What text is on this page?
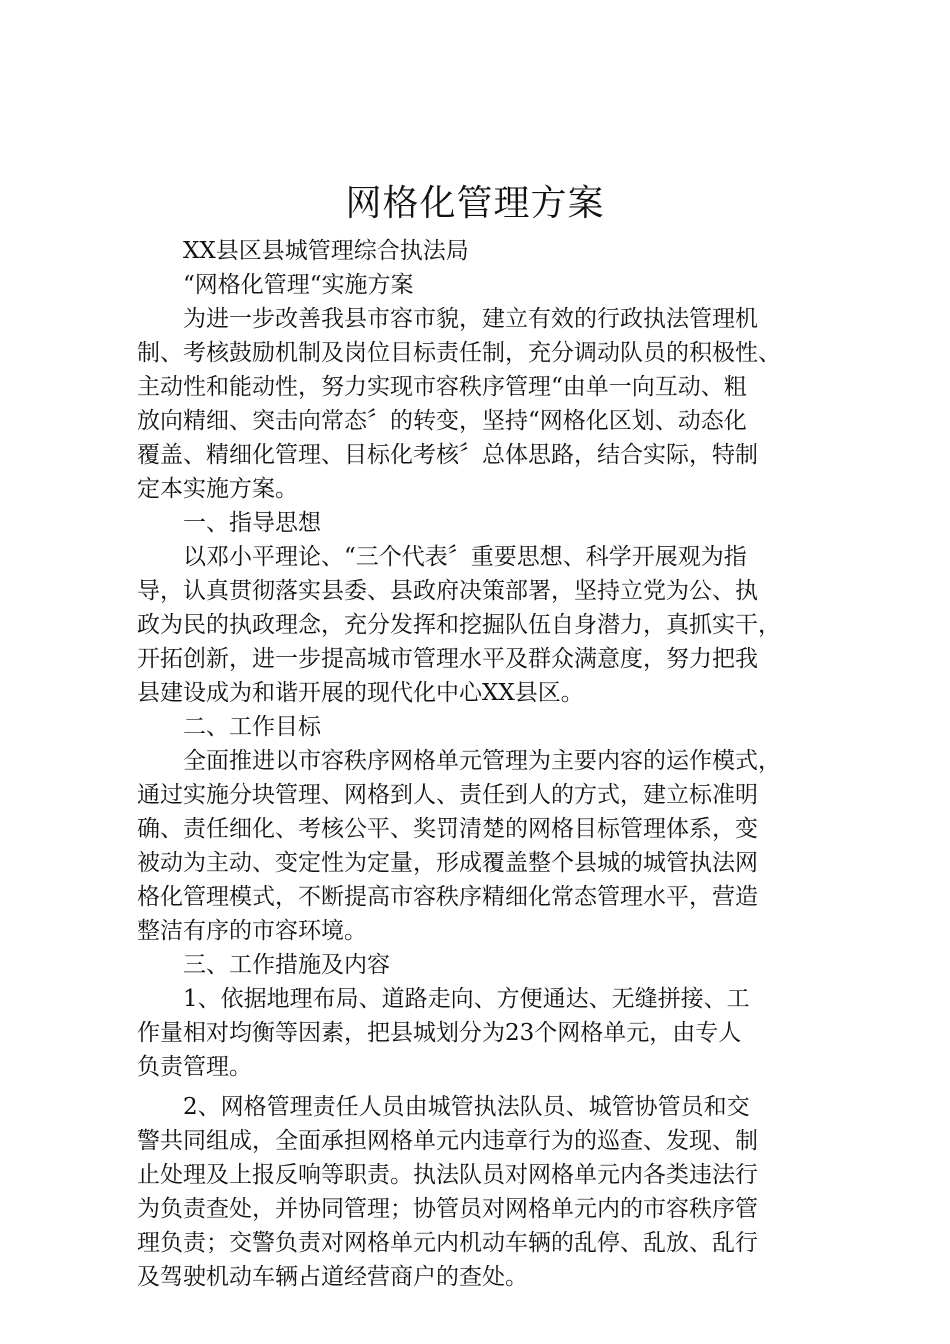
网格化管理方案
XX县区县城管理综合执法局
“网格化管理“实施方案
为进一步改善我县市容市貌，建立有效的行政执法管理机
制、考核鼓励机制及岗位目标责任制，充分调动队员的积极性、
主动性和能动性，努力实现市容秩序管理“由单一向互动、粗
放向精细、突击向常态〞的转变，坚持“网格化区划、动态化
覆盖、精细化管理、目标化考核〞总体思路，结合实际，特制
定本实施方案。
一、指导思想
以邓小平理论、“三个代表〞重要思想、科学开展观为指
导，认真贯彻落实县委、县政府决策部署，坚持立党为公、执
政为民的执政理念，充分发挥和挖掘队伍自身潜力，真抓实干，
开拓创新，进一步提高城市管理水平及群众满意度，努力把我
县建设成为和谐开展的现代化中心XX县区。
二、工作目标
全面推进以市容秩序网格单元管理为主要内容的运作模式，
通过实施分块管理、网格到人、责任到人的方式，建立标准明
确、责任细化、考核公平、奖罚清楚的网格目标管理体系，变
被动为主动、变定性为定量，形成覆盖整个县城的城管执法网
格化管理模式，不断提高市容秩序精细化常态管理水平，营造
整洁有序的市容环境。
三、工作措施及内容
1、依据地理布局、道路走向、方便通达、无缝拼接、工
作量相对均衡等因素，把县城划分为23个网格单元，由专人
负责管理。
2、网格管理责任人员由城管执法队员、城管协管员和交
警共同组成，全面承担网格单元内违章行为的巡查、发现、制
止处理及上报反响等职责。执法队员对网格单元内各类违法行
为负责查处，并协同管理；协管员对网格单元内的市容秩序管
理负责；交警负责对网格单元内机动车辆的乱停、乱放、乱行
及驾驶机动车辆占道经营商户的查处。
